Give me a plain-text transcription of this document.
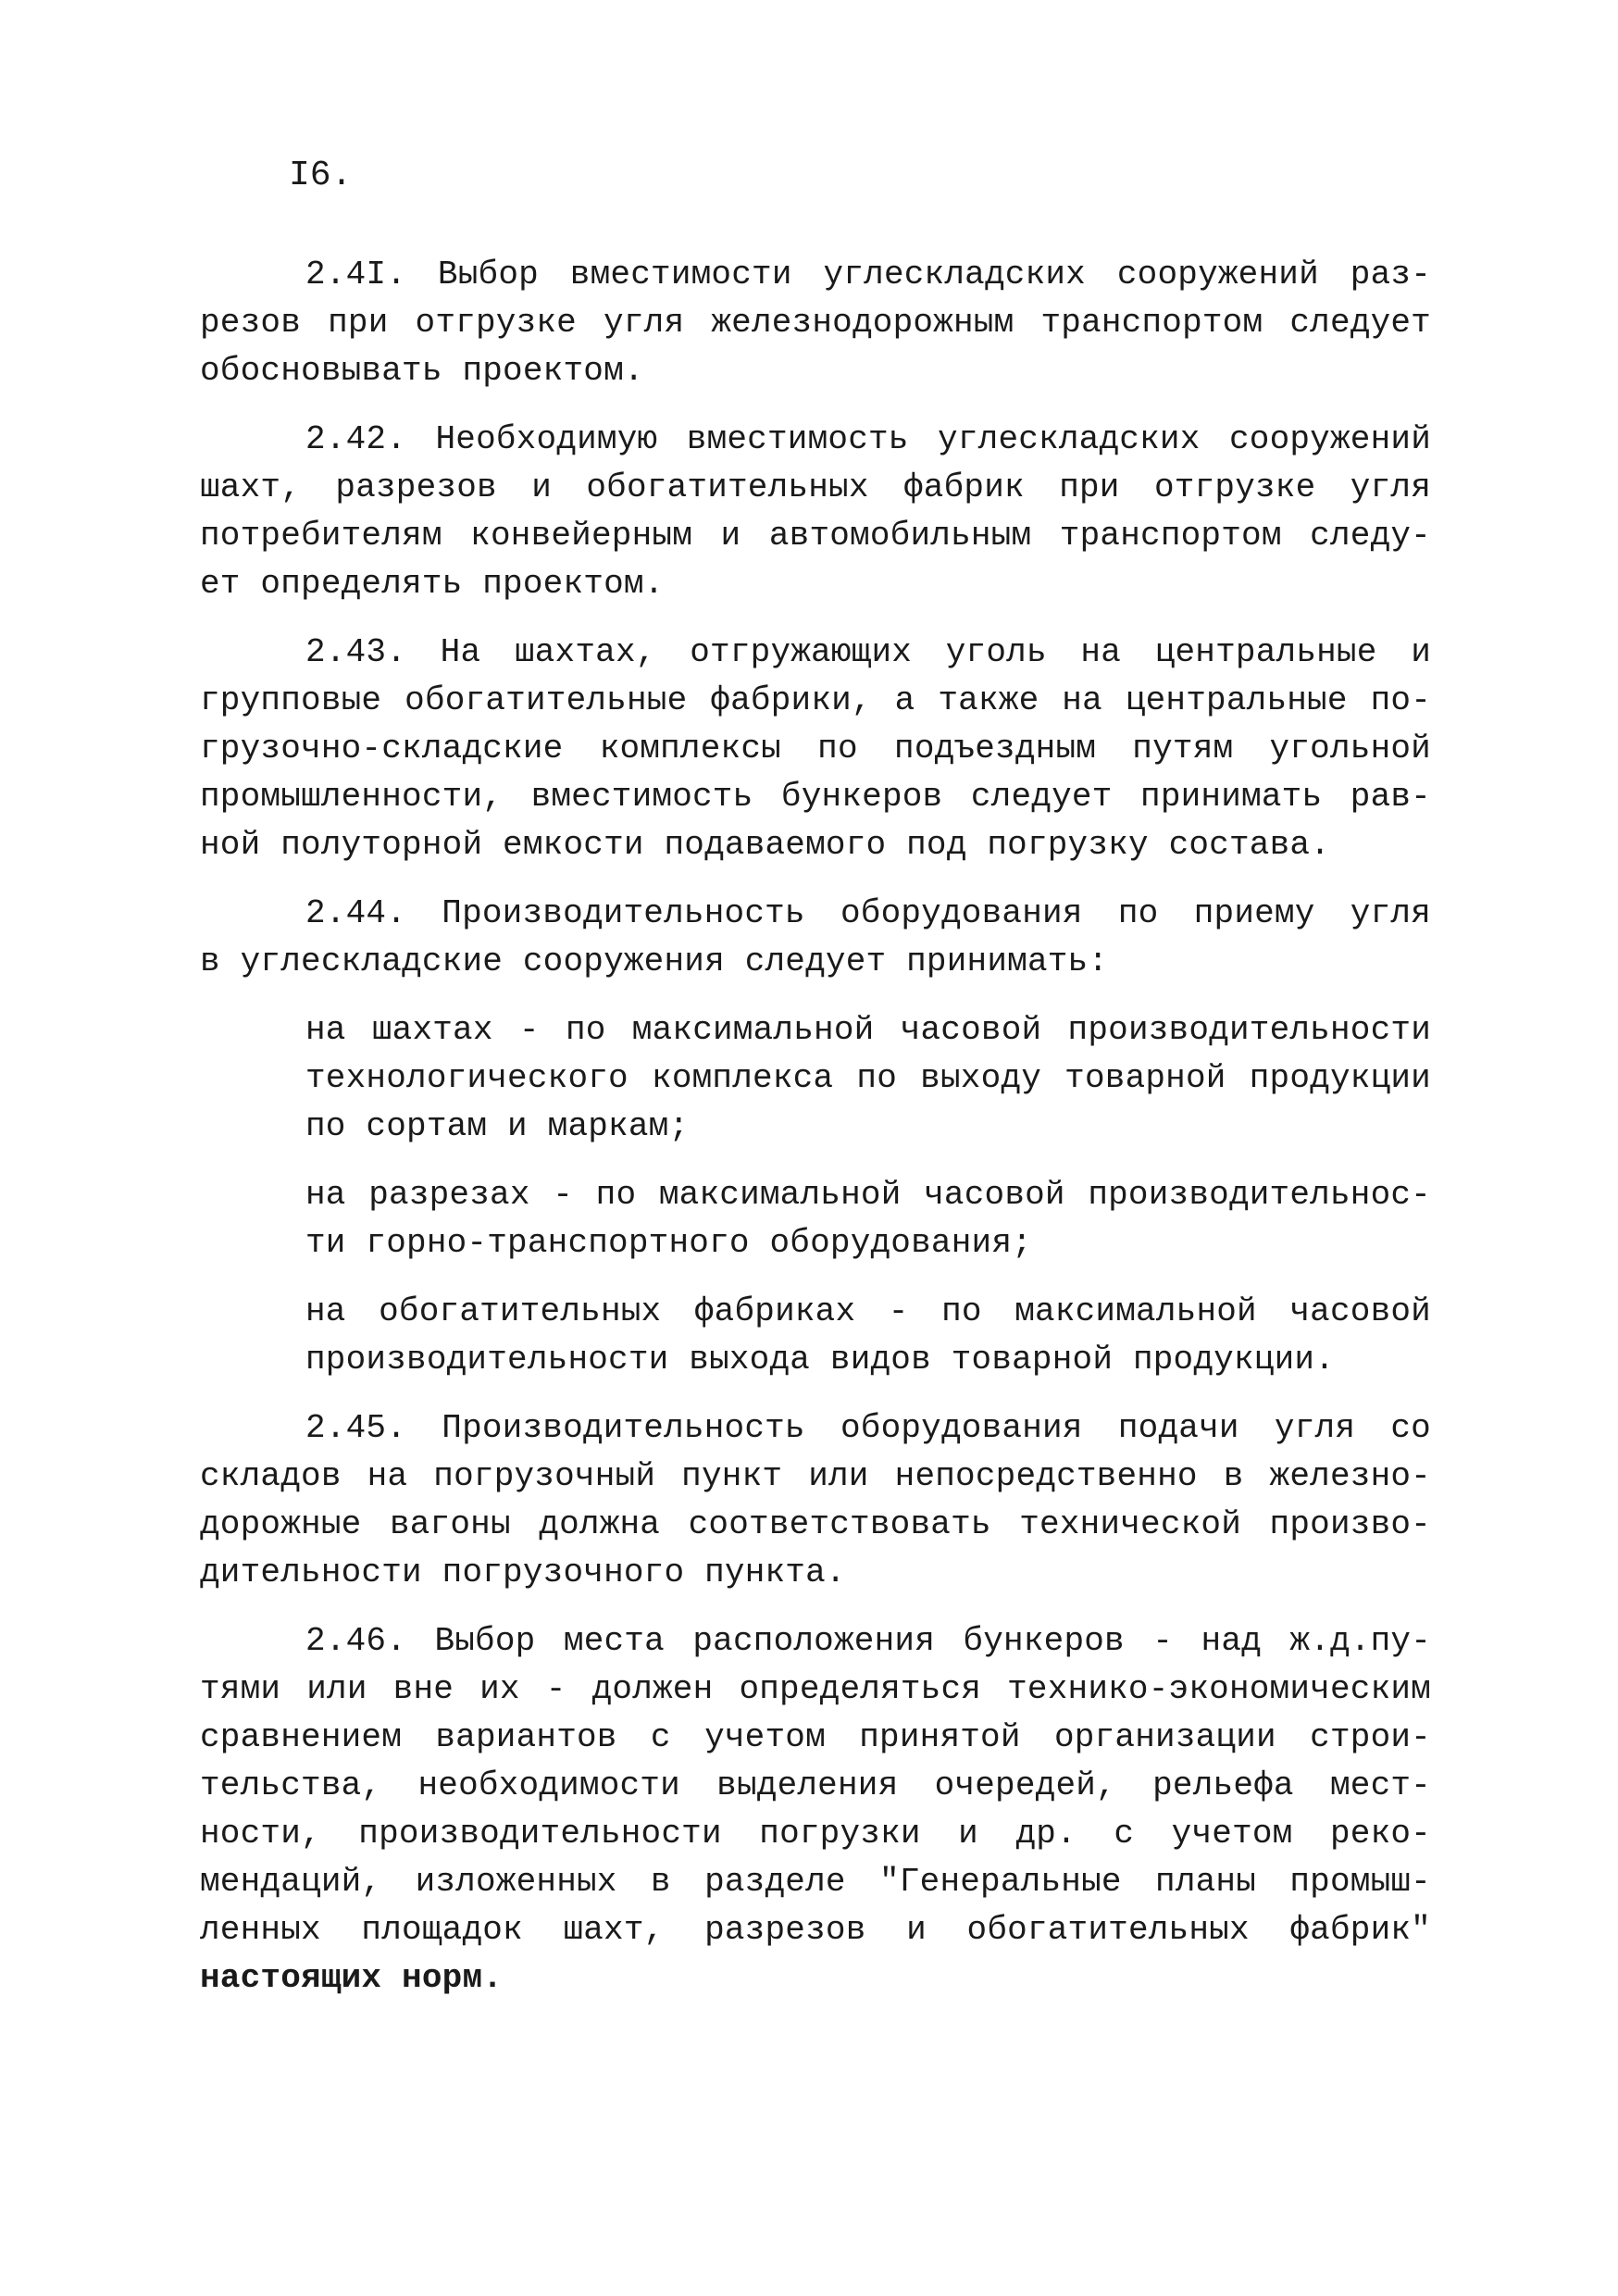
I6.

2.4I. Выбор вместимости углескладских сооружений раз-

резов при отгрузке угля железнодорожным транспортом следует

обосновывать проектом.

2.42. Необходимую вместимость углескладских сооружений

шахт, разрезов и обогатительных фабрик при отгрузке угля

потребителям конвейерным и автомобильным транспортом следу-

ет определять проектом.

2.43. На шахтах, отгружающих уголь на центральные и

групповые обогатительные фабрики, а также на центральные по-

грузочно-складские комплексы по подъездным путям угольной

промышленности, вместимость бункеров следует принимать рав-

ной полуторной емкости подаваемого под погрузку состава.

2.44. Производительность оборудования по приему угля

в углескладские сооружения следует принимать:

на шахтах - по максимальной часовой производительности

технологического комплекса по выходу товарной продукции

по сортам и маркам;

на разрезах - по максимальной часовой производительнос-

ти горно-транспортного оборудования;

на обогатительных фабриках - по максимальной часовой

производительности выхода видов товарной продукции.

2.45. Производительность оборудования подачи угля со

складов на погрузочный пункт или непосредственно в железно-

дорожные вагоны должна соответствовать технической произво-

дительности погрузочного пункта.

2.46. Выбор места расположения бункеров - над ж.д.пу-

тями или вне их - должен определяться технико-экономическим

сравнением вариантов с учетом принятой организации строи-

тельства, необходимости выделения очередей, рельефа мест-

ности, производительности погрузки и др. с учетом реко-

мендаций, изложенных в разделе "Генеральные планы промыш-

ленных площадок шахт, разрезов и обогатительных фабрик"

настоящих норм.
